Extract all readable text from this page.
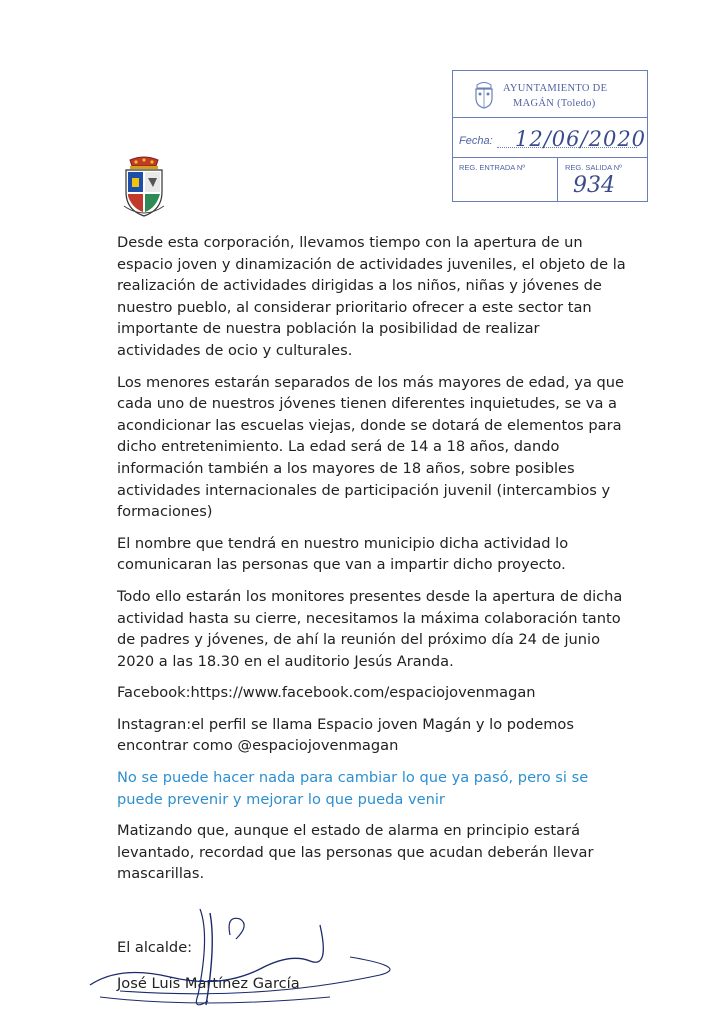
AYUNTAMIENTO DE
MAGÁN (Toledo)
Fecha: 12/06/2020
REG. ENTRADA Nº	REG. SALIDA Nº
934

Desde esta corporación, llevamos tiempo con la apertura de un espacio joven y dinamización de actividades juveniles, el objeto de la realización de actividades dirigidas a los niños, niñas y jóvenes de nuestro pueblo, al considerar prioritario ofrecer a este sector tan importante de nuestra población la posibilidad de realizar actividades de ocio y culturales.

Los menores estarán separados de los más mayores de edad, ya que cada uno de nuestros jóvenes tienen diferentes inquietudes, se va a acondicionar las escuelas viejas, donde se dotará de elementos para dicho entretenimiento. La edad será de 14 a 18 años, dando información también a los mayores de 18 años, sobre posibles actividades internacionales de participación juvenil (intercambios y formaciones)

El nombre que tendrá en nuestro municipio dicha actividad lo comunicaran las personas que van a impartir dicho proyecto.

Todo ello estarán los monitores presentes desde la apertura de dicha actividad hasta su cierre, necesitamos la máxima colaboración tanto de padres y jóvenes, de ahí la reunión del próximo día 24 de junio 2020 a las 18.30 en el auditorio Jesús Aranda.

Facebook:https://www.facebook.com/espaciojovenmagan

Instagran:el perfil se llama Espacio joven Magán y lo podemos encontrar como @espaciojovenmagan

No se puede hacer nada para cambiar lo que ya pasó, pero si se puede prevenir y mejorar lo que pueda venir

Matizando que, aunque el estado de alarma en principio estará levantado, recordad que las personas que acudan deberán llevar mascarillas.

El alcalde:

José Luis Martínez García
